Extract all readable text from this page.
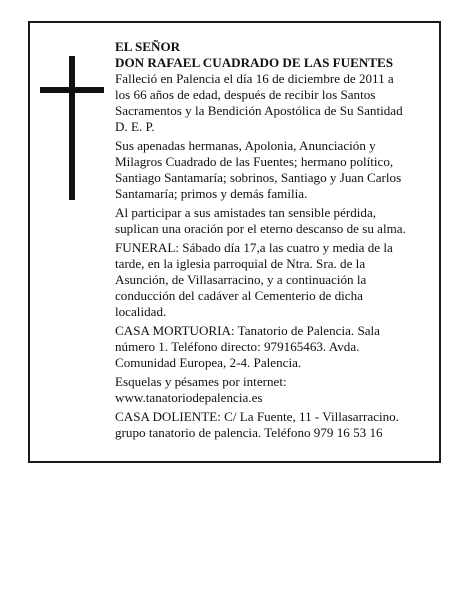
EL SEÑOR
DON RAFAEL CUADRADO DE LAS FUENTES
Falleció en Palencia el día 16 de diciembre de 2011 a
los 66 años de edad, después de recibir los Santos
Sacramentos y la Bendición Apostólica de Su Santidad
D. E. P.
Sus apenadas hermanas, Apolonia, Anunciación y
Milagros Cuadrado de las Fuentes; hermano político,
Santiago Santamaría; sobrinos, Santiago y Juan Carlos
Santamaría; primos y demás familia.
Al participar a sus amistades tan sensible pérdida,
suplican una oración por el eterno descanso de su alma.
FUNERAL: Sábado día 17,a las cuatro y media de la
tarde, en la iglesia parroquial de Ntra. Sra. de la
Asunción, de Villasarracino, y a continuación la
conducción del cadáver al Cementerio de dicha
localidad.
CASA MORTUORIA: Tanatorio de Palencia. Sala
número 1. Teléfono directo: 979165463. Avda.
Comunidad Europea, 2-4. Palencia.
Esquelas y pésames por internet:
www.tanatoriodepalencia.es
CASA DOLIENTE: C/ La Fuente, 11 - Villasarracino.
grupo tanatorio de palencia. Teléfono 979 16 53 16
